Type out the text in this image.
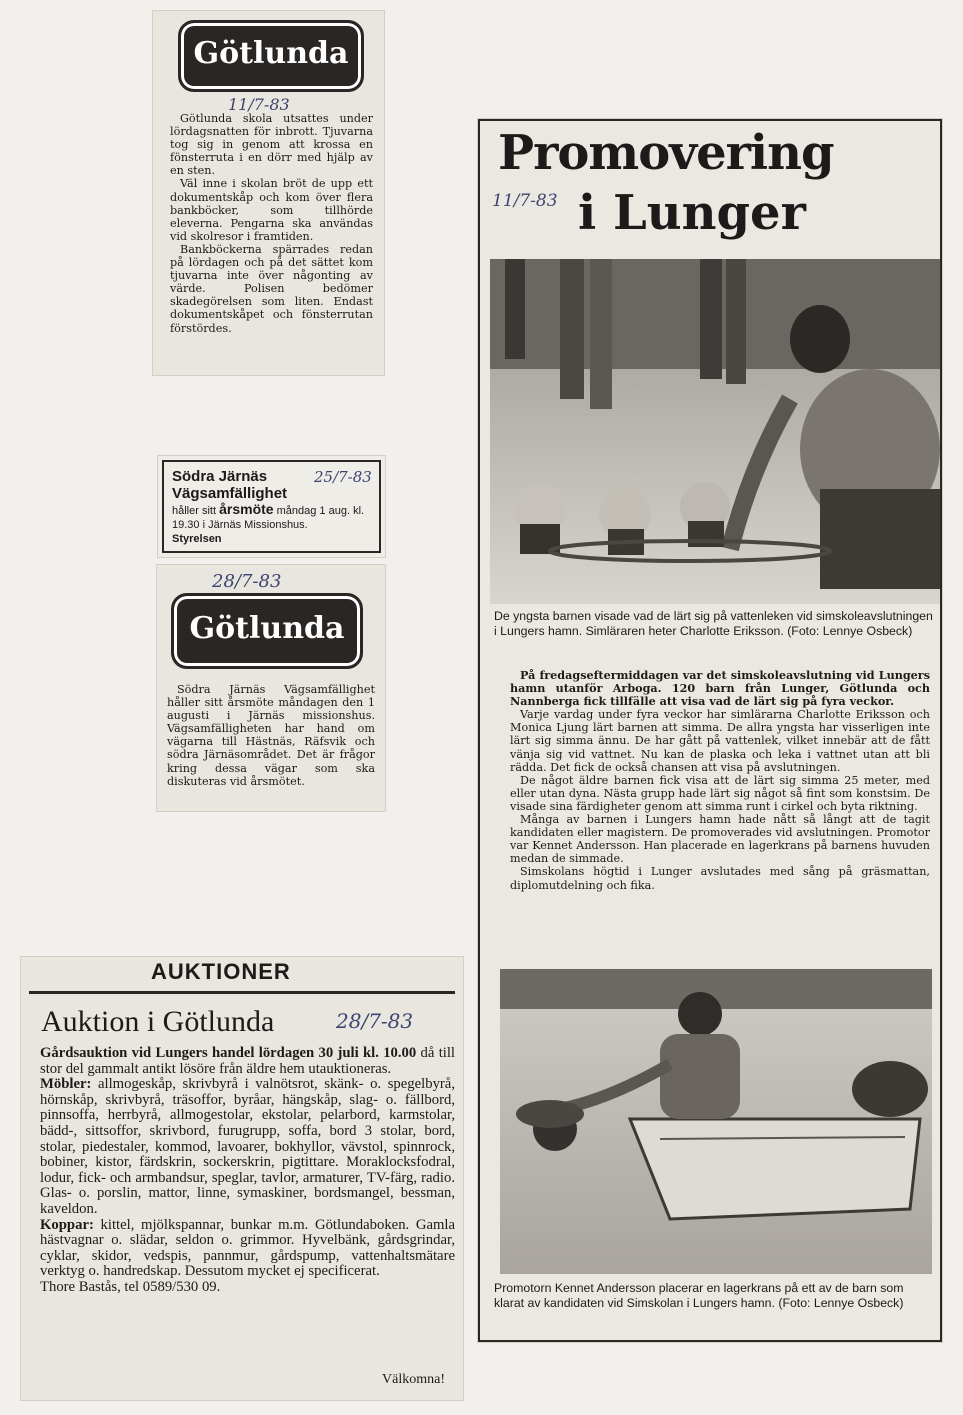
Götlunda
11/7-83

Götlunda skola utsattes under lördagsnatten för inbrott. Tjuvarna tog sig in genom att krossa en fönsterruta i en dörr med hjälp av en sten.

Väl inne i skolan bröt de upp ett dokumentskåp och kom över flera bankböcker, som tillhörde eleverna. Pengarna ska användas vid skolresor i framtiden.

Bankböckerna spärrades redan på lördagen och på det sättet kom tjuvarna inte över någonting av värde. Polisen bedömer skadegörelsen som liten. Endast dokumentskåpet och fönsterrutan förstördes.

Södra Järnäs	25/7-83
Vägsamfällighet
håller sitt årsmöte måndag 1 aug. kl.
19.30 i Järnäs Missionshus.
Styrelsen
28/7-83
Götlunda

Södra Järnäs Vägsamfällighet håller sitt årsmöte måndagen den 1 augusti i Järnäs missionshus. Vägsamfälligheten har hand om vägarna till Hästnäs, Räfsvik och södra Järnäsområdet. Det är frågor kring dessa vägar som ska diskuteras vid årsmötet.

AUKTIONER
Auktion i Götlunda	28/7-83
Gårdsauktion vid Lungers handel lördagen 30 juli kl. 10.00 då till stor del gammalt antikt lösöre från äldre hem utauktioneras.
Möbler: allmogeskåp, skrivbyrå i valnötsrot, skänk- o. spegelbyrå, hörnskåp, skrivbyrå, träsoffor, byråar, hängskåp, slag- o. fällbord, pinnsoffa, herrbyrå, allmogestolar, ekstolar, pelarbord, karmstolar, bädd-, sittsoffor, skrivbord, furugrupp, soffa, bord 3 stolar, bord, stolar, piedestaler, kommod, lavoarer, bokhyllor, vävstol, spinnrock, bobiner, kistor, färdskrin, sockerskrin, pigtittare. Moraklocksfodral, lodur, fick- och armbandsur, speglar, tavlor, armaturer, TV-färg, radio. Glas- o. porslin, mattor, linne, symaskiner, bordsmangel, bessman, kaveldon.
Koppar: kittel, mjölkspannar, bunkar m.m. Götlundaboken. Gamla hästvagnar o. slädar, seldon o. grimmor. Hyvelbänk, gårdsgrindar, cyklar, skidor, vedspis, pannmur, gårdspump, vattenhaltsmätare verktyg o. handredskap. Dessutom mycket ej specificerat.
Thore Bastås, tel 0589/530 09.
Välkomna!
Promovering
11/7-83 i Lunger

De yngsta barnen visade vad de lärt sig på vattenleken vid simskoleavslutningen i Lungers hamn. Simläraren heter Charlotte Eriksson. (Foto: Lennye Osbeck)

På fredagseftermiddagen var det simskoleavslutning vid Lungers hamn utanför Arboga. 120 barn från Lunger, Götlunda och Nannberga fick tillfälle att visa vad de lärt sig på fyra veckor.

Varje vardag under fyra veckor har simlärarna Charlotte Eriksson och Monica Ljung lärt barnen att simma. De allra yngsta har visserligen inte lärt sig simma ännu. De har gått på vattenlek, vilket innebär att de fått vänja sig vid vattnet. Nu kan de plaska och leka i vattnet utan att bli rädda. Det fick de också chansen att visa på avslutningen.

De något äldre barnen fick visa att de lärt sig simma 25 meter, med eller utan dyna. Nästa grupp hade lärt sig något så fint som konstsim. De visade sina färdigheter genom att simma runt i cirkel och byta riktning.

Många av barnen i Lungers hamn hade nått så långt att de tagit kandidaten eller magistern. De promoverades vid avslutningen. Promotor var Kennet Andersson. Han placerade en lagerkrans på barnens huvuden medan de simmade.

Simskolans högtid i Lunger avslutades med sång på gräsmattan, diplomutdelning och fika.

Promotorn Kennet Andersson placerar en lagerkrans på ett av de barn som klarat av kandidaten vid Simskolan i Lungers hamn. (Foto: Lennye Osbeck)
